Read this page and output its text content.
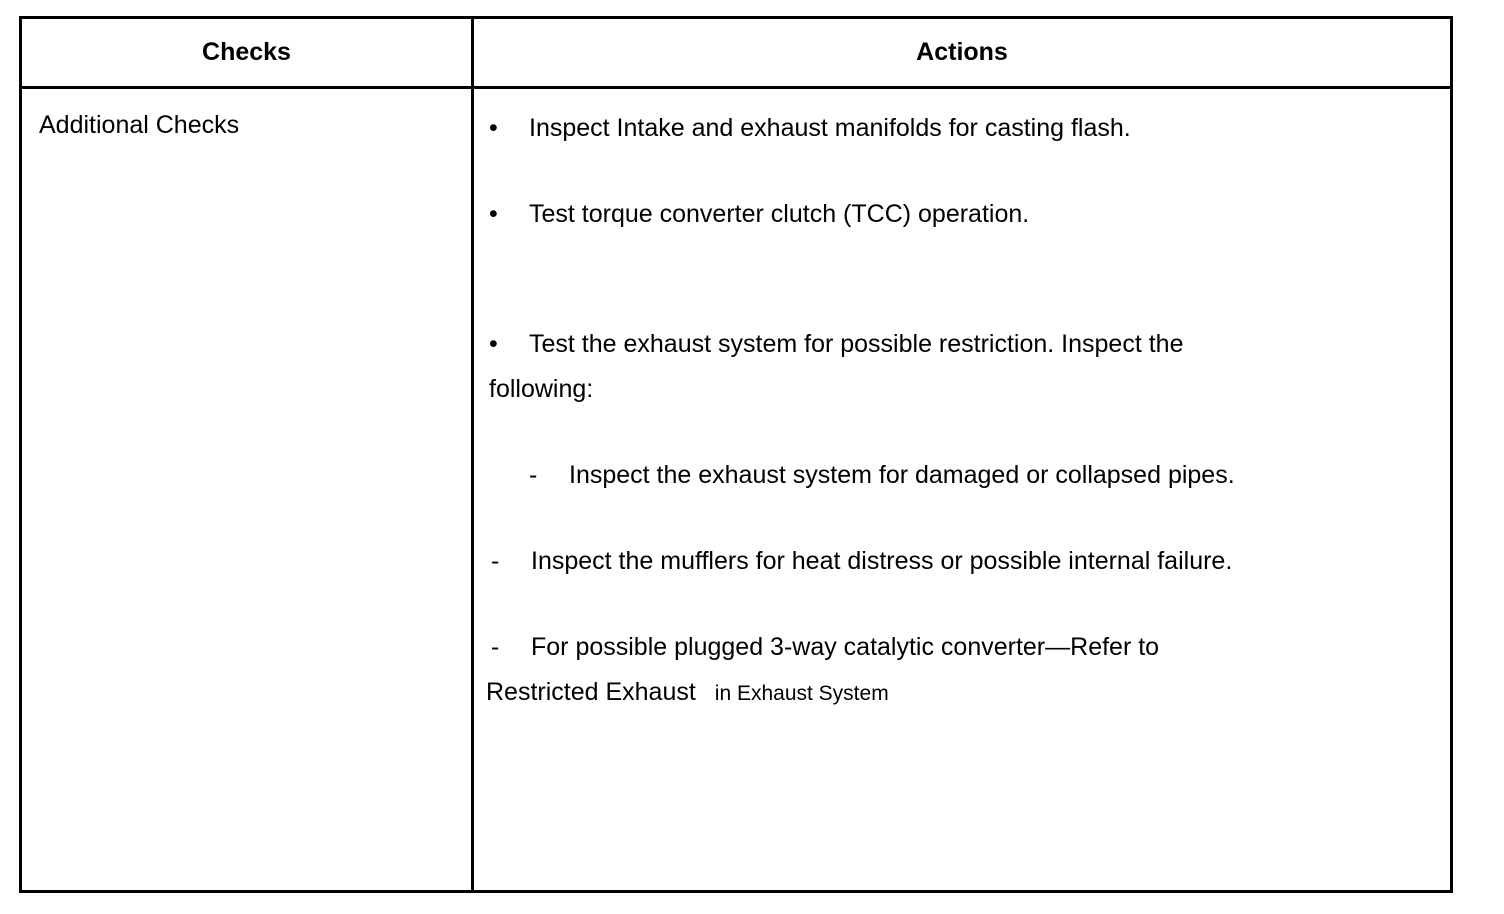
Checks	Actions
Additional Checks	• Inspect Intake and exhaust manifolds for casting flash.
• Test torque converter clutch (TCC) operation.
• Test the exhaust system for possible restriction. Inspect the
following:
- Inspect the exhaust system for damaged or collapsed pipes.
- Inspect the mufflers for heat distress or possible internal failure.
- For possible plugged 3-way catalytic converter—Refer to
Restricted Exhaust in Exhaust System
